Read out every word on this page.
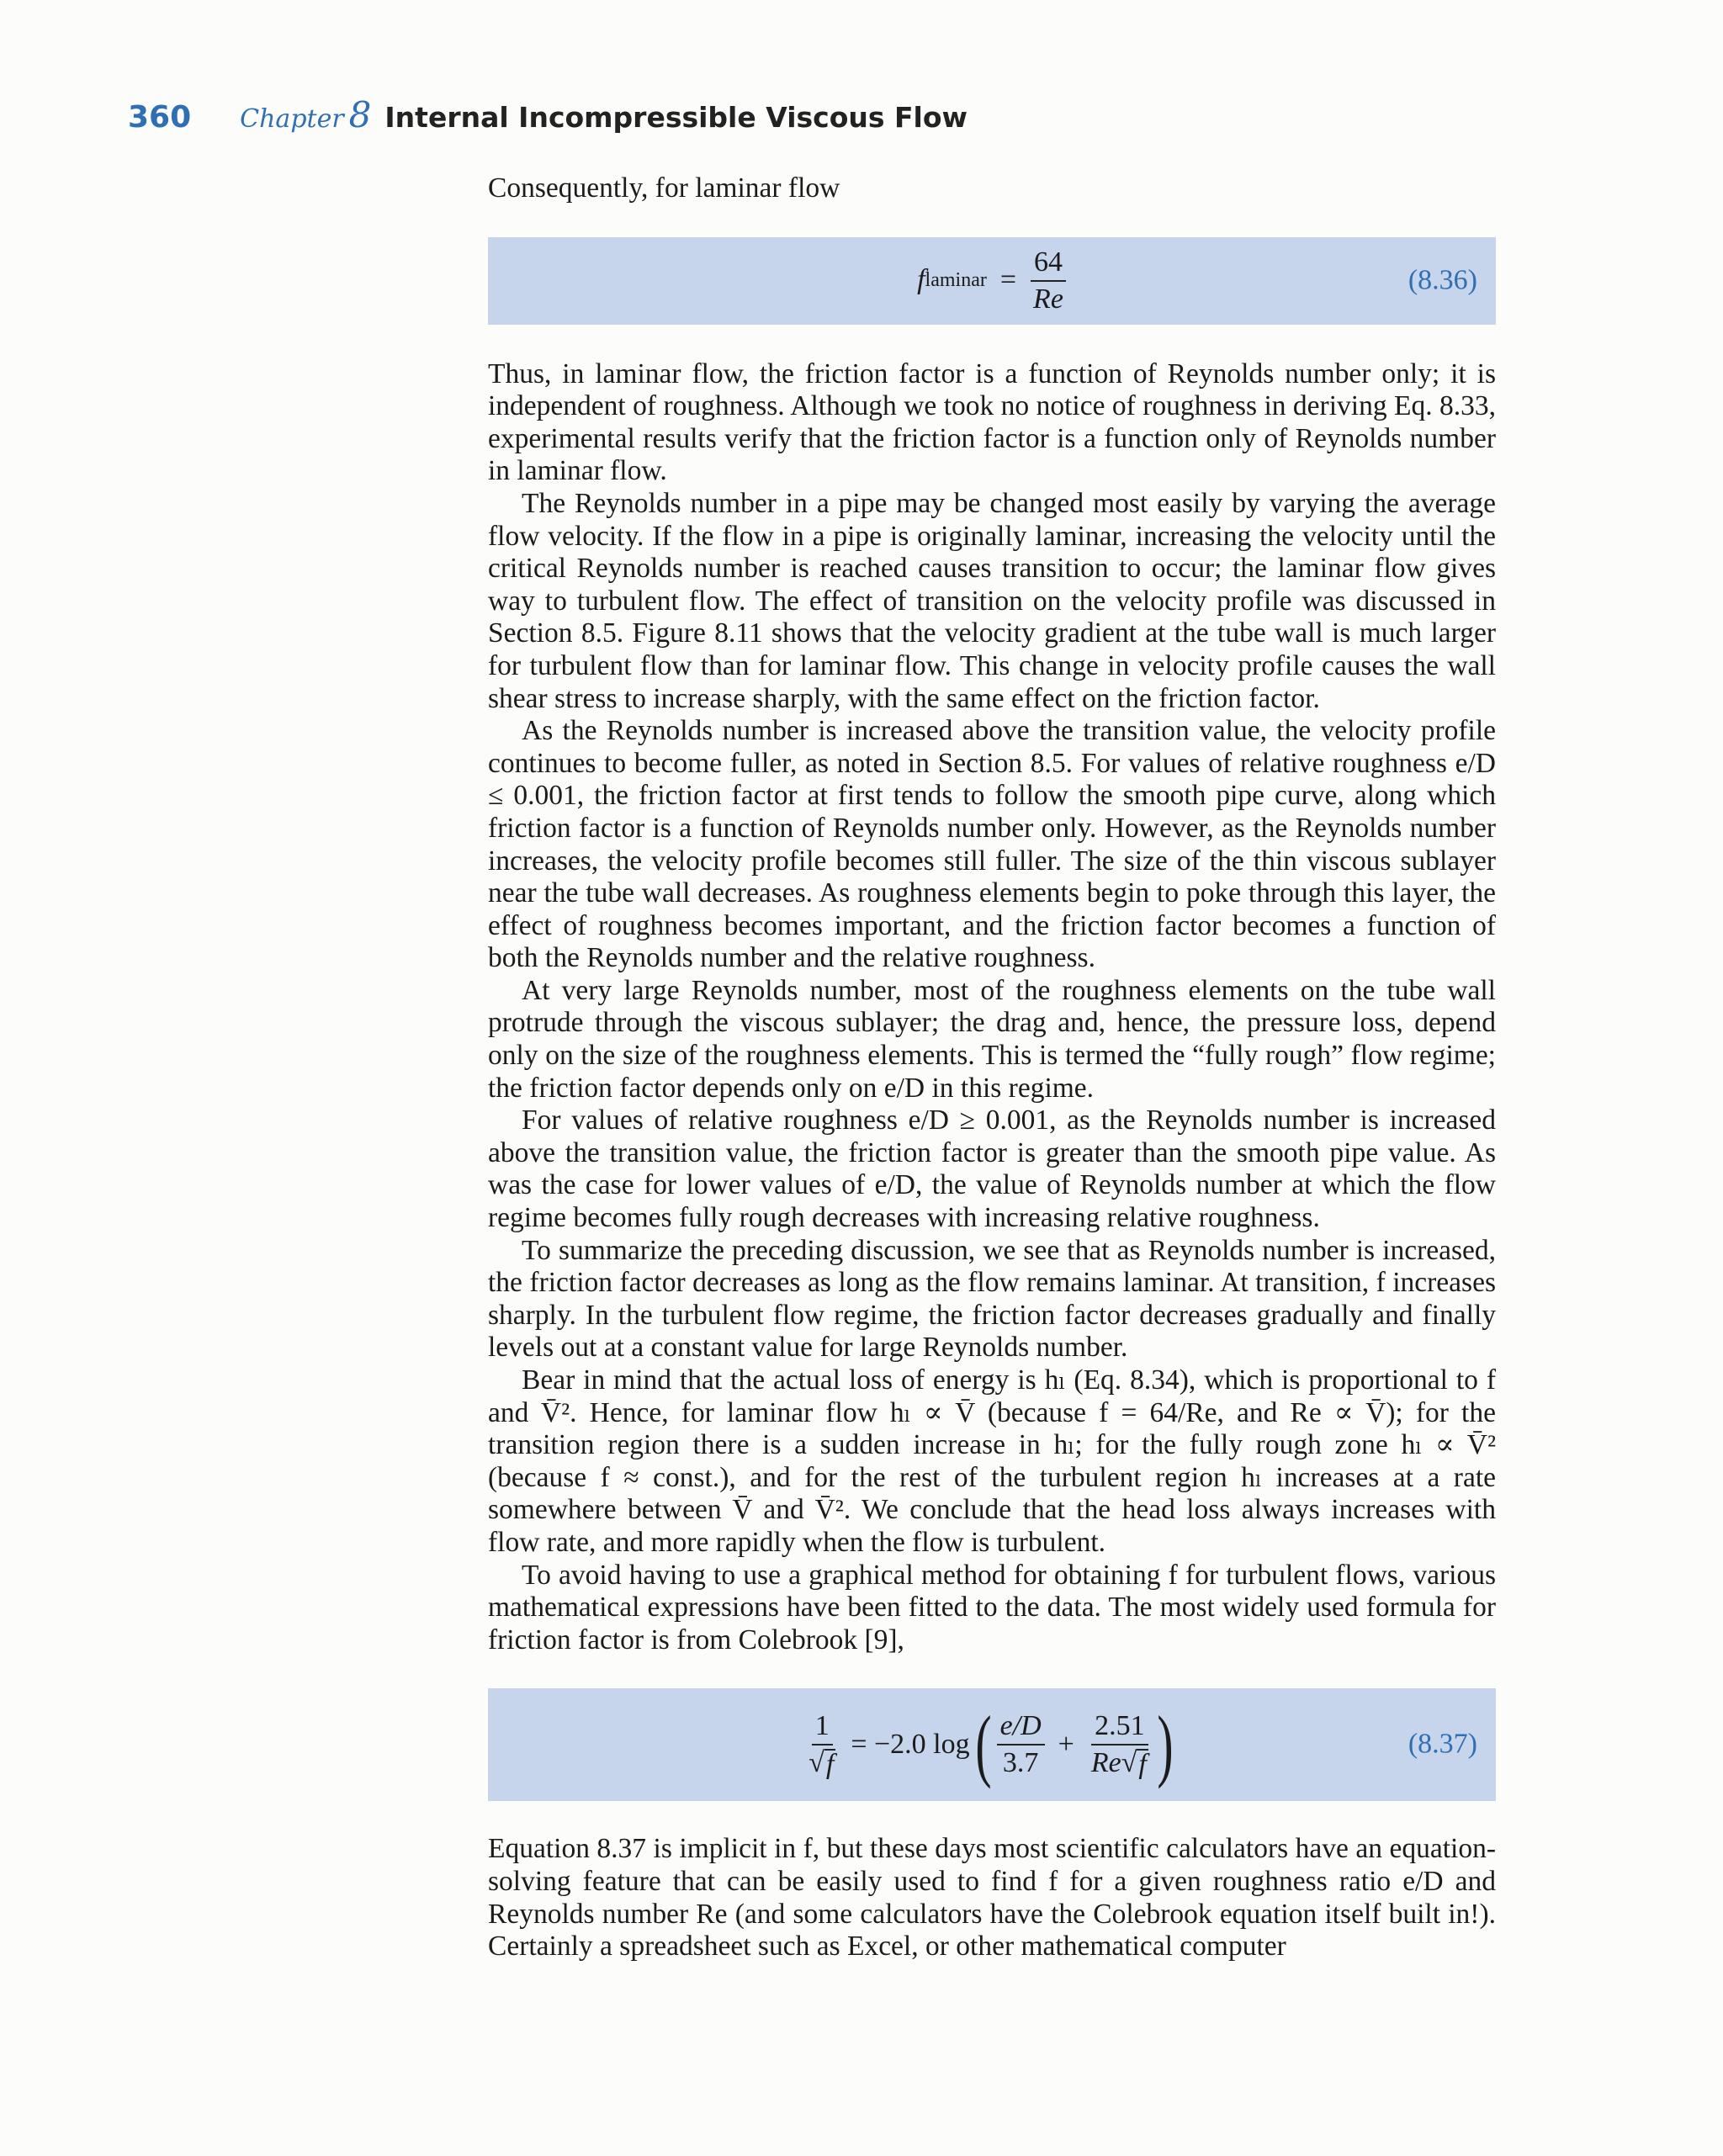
360 Chapter 8 Internal Incompressible Viscous Flow

Consequently, for laminar flow

f laminar = $\frac{64}{Re}$	(8.36)

Thus, in laminar flow, the friction factor is a function of Reynolds number only; it is independent of roughness. Although we took no notice of roughness in deriving Eq. 8.33, experimental results verify that the friction factor is a function only of Reynolds number in laminar flow.

The Reynolds number in a pipe may be changed most easily by varying the average flow velocity. If the flow in a pipe is originally laminar, increasing the velocity until the critical Reynolds number is reached causes transition to occur; the laminar flow gives way to turbulent flow. The effect of transition on the velocity profile was discussed in Section 8.5. Figure 8.11 shows that the velocity gradient at the tube wall is much larger for turbulent flow than for laminar flow. This change in velocity profile causes the wall shear stress to increase sharply, with the same effect on the friction factor.

As the Reynolds number is increased above the transition value, the velocity profile continues to become fuller, as noted in Section 8.5. For values of relative roughness e/D ≤ 0.001, the friction factor at first tends to follow the smooth pipe curve, along which friction factor is a function of Reynolds number only. However, as the Reynolds number increases, the velocity profile becomes still fuller. The size of the thin viscous sublayer near the tube wall decreases. As roughness elements begin to poke through this layer, the effect of roughness becomes important, and the friction factor becomes a function of both the Reynolds number and the relative roughness.

At very large Reynolds number, most of the roughness elements on the tube wall protrude through the viscous sublayer; the drag and, hence, the pressure loss, depend only on the size of the roughness elements. This is termed the “fully rough” flow regime; the friction factor depends only on e/D in this regime.

For values of relative roughness e/D ≥ 0.001, as the Reynolds number is increased above the transition value, the friction factor is greater than the smooth pipe value. As was the case for lower values of e/D, the value of Reynolds number at which the flow regime becomes fully rough decreases with increasing relative roughness.

To summarize the preceding discussion, we see that as Reynolds number is increased, the friction factor decreases as long as the flow remains laminar. At transition, f increases sharply. In the turbulent flow regime, the friction factor decreases gradually and finally levels out at a constant value for large Reynolds number.

Bear in mind that the actual loss of energy is hₗ (Eq. 8.34), which is proportional to f and V̄². Hence, for laminar flow hₗ ∝ V̄ (because f = 64/Re, and Re ∝ V̄); for the transition region there is a sudden increase in hₗ; for the fully rough zone hₗ ∝ V̄² (because f ≈ const.), and for the rest of the turbulent region hₗ increases at a rate somewhere between V̄ and V̄². We conclude that the head loss always increases with flow rate, and more rapidly when the flow is turbulent.

To avoid having to use a graphical method for obtaining f for turbulent flows, various mathematical expressions have been fitted to the data. The most widely used formula for friction factor is from Colebrook [9],

$\frac{1}{√ f} = -2.0$ log ( $\frac{e/D}{3.7} + \frac{2.51}{Re √ f}$ )	(8.37)

Equation 8.37 is implicit in f, but these days most scientific calculators have an equation-solving feature that can be easily used to find f for a given roughness ratio e/D and Reynolds number Re (and some calculators have the Colebrook equation itself built in!). Certainly a spreadsheet such as Excel, or other mathematical computer
